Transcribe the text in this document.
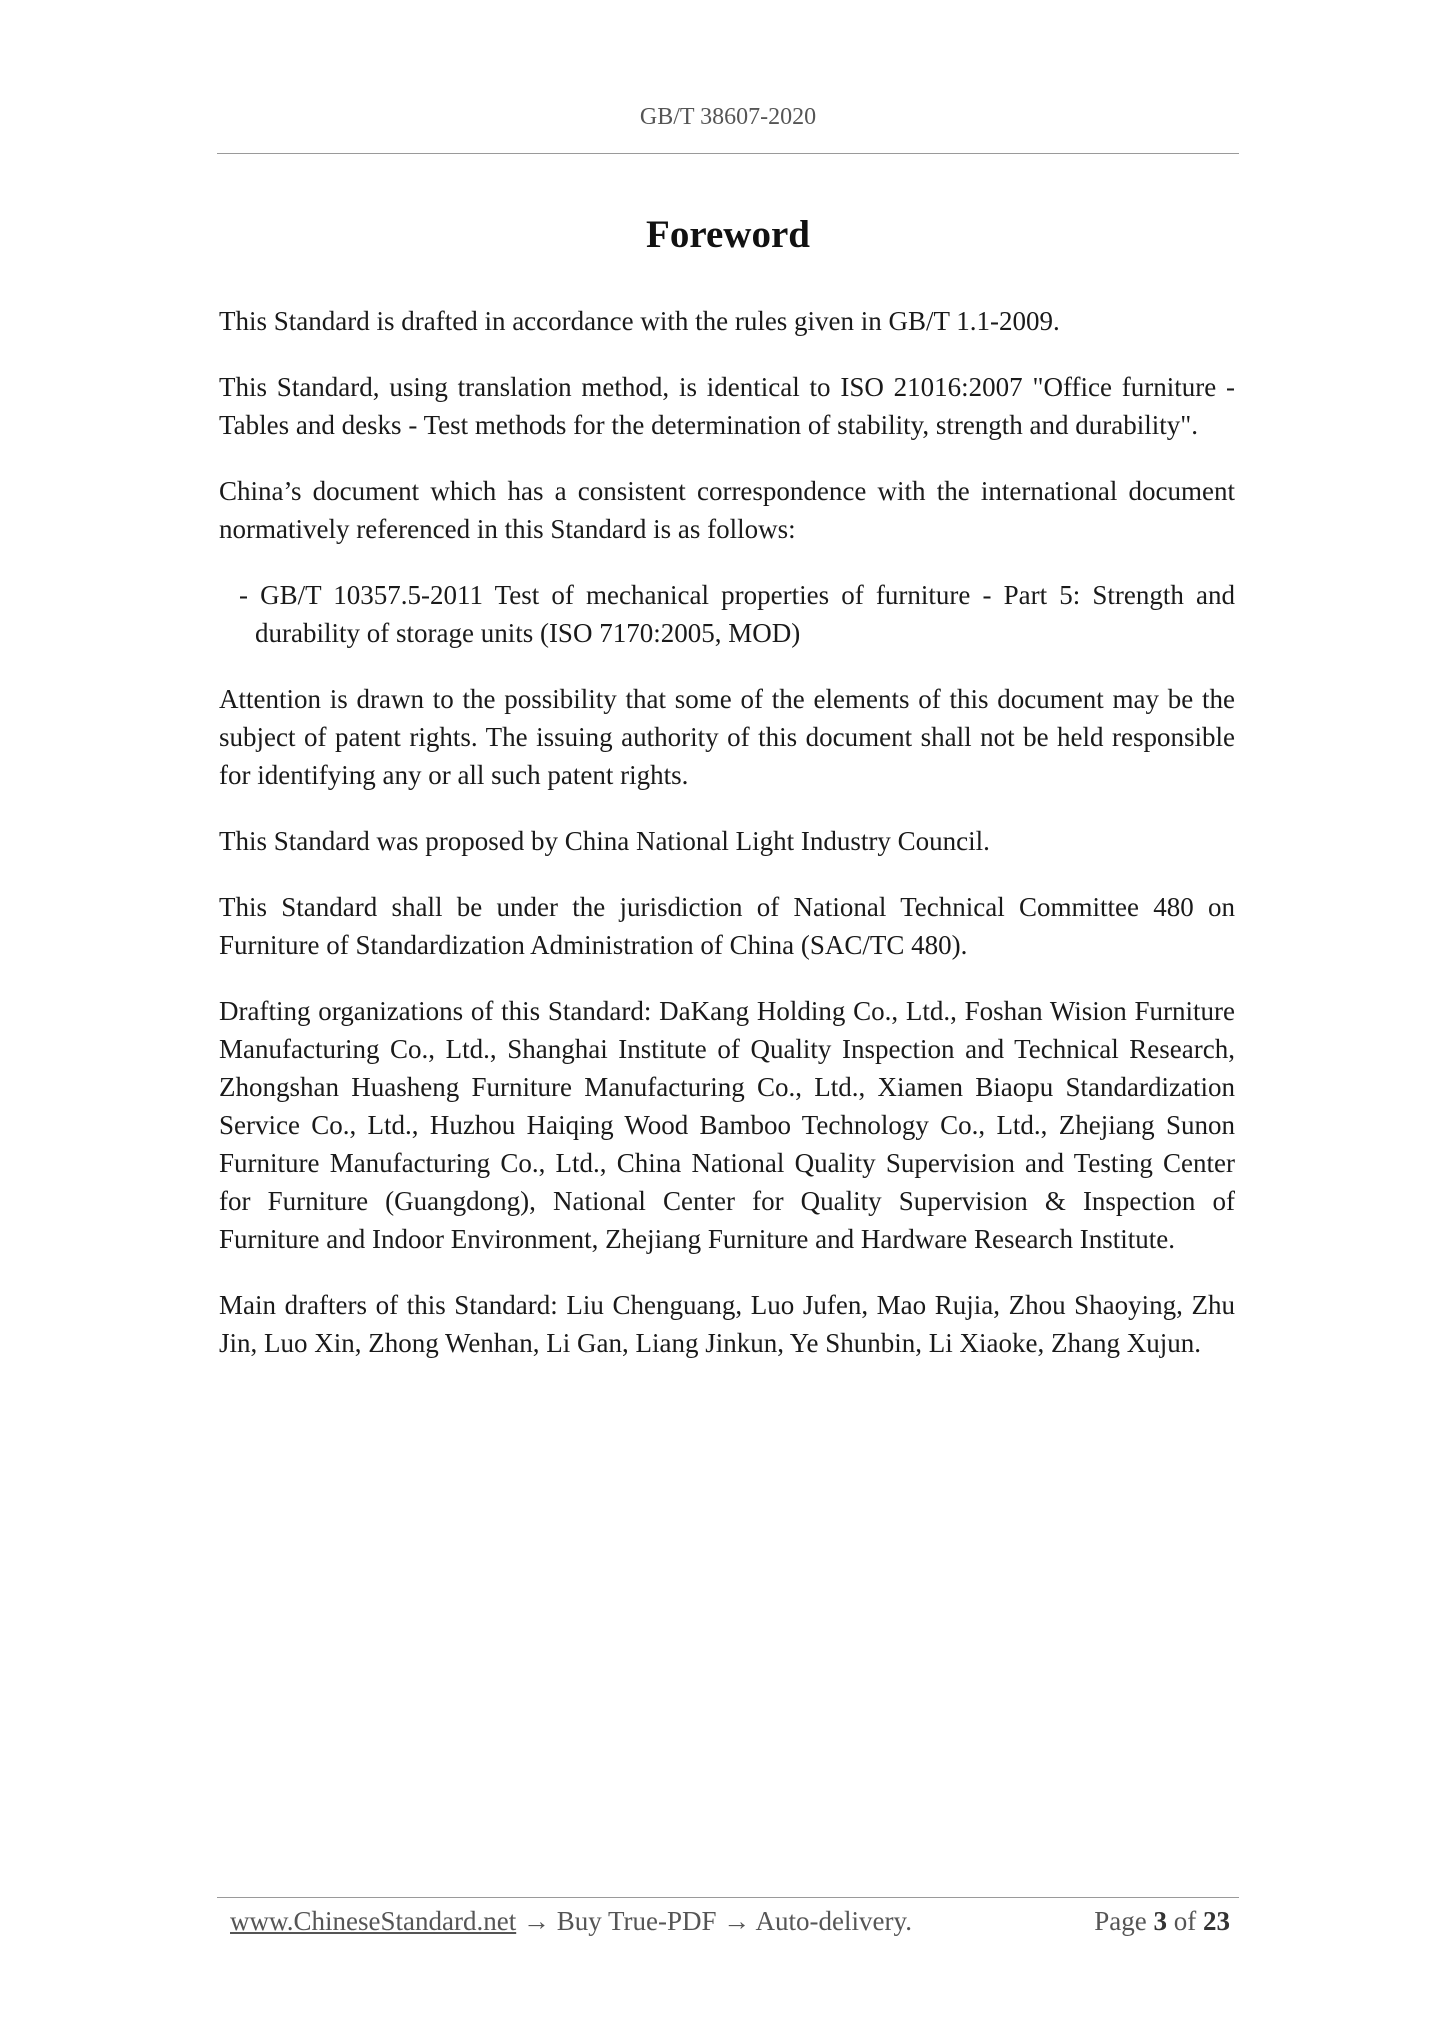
GB/T 38607-2020
Foreword

This Standard is drafted in accordance with the rules given in GB/T 1.1-2009.

This Standard, using translation method, is identical to ISO 21016:2007 "Office furniture - Tables and desks - Test methods for the determination of stability, strength and durability".

China’s document which has a consistent correspondence with the international document normatively referenced in this Standard is as follows:

- GB/T 10357.5-2011 Test of mechanical properties of furniture - Part 5: Strength and durability of storage units (ISO 7170:2005, MOD)

Attention is drawn to the possibility that some of the elements of this document may be the subject of patent rights. The issuing authority of this document shall not be held responsible for identifying any or all such patent rights.

This Standard was proposed by China National Light Industry Council.

This Standard shall be under the jurisdiction of National Technical Committee 480 on Furniture of Standardization Administration of China (SAC/TC 480).

Drafting organizations of this Standard: DaKang Holding Co., Ltd., Foshan Wision Furniture Manufacturing Co., Ltd., Shanghai Institute of Quality Inspection and Technical Research, Zhongshan Huasheng Furniture Manufacturing Co., Ltd., Xiamen Biaopu Standardization Service Co., Ltd., Huzhou Haiqing Wood Bamboo Technology Co., Ltd., Zhejiang Sunon Furniture Manufacturing Co., Ltd., China National Quality Supervision and Testing Center for Furniture (Guangdong), National Center for Quality Supervision & Inspection of Furniture and Indoor Environment, Zhejiang Furniture and Hardware Research Institute.

Main drafters of this Standard: Liu Chenguang, Luo Jufen, Mao Rujia, Zhou Shaoying, Zhu Jin, Luo Xin, Zhong Wenhan, Li Gan, Liang Jinkun, Ye Shunbin, Li Xiaoke, Zhang Xujun.

www.ChineseStandard.net → Buy True-PDF → Auto-delivery.	Page 3 of 23
